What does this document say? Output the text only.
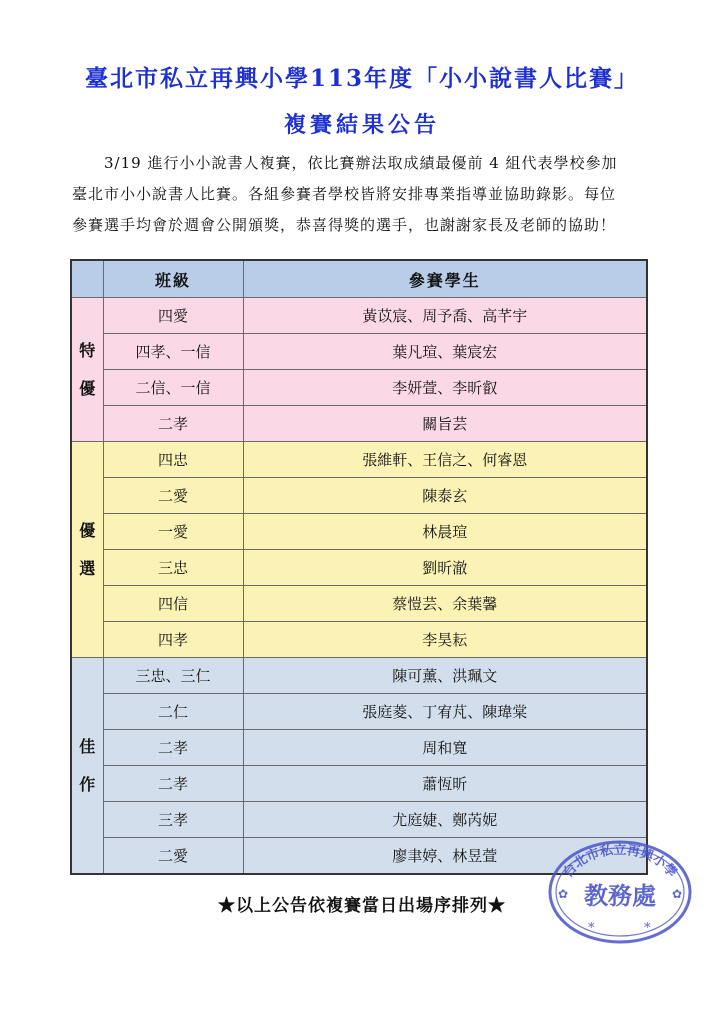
臺北市私立再興小學113年度「小小說書人比賽」
複賽結果公告

3/19 進行小小說書人複賽，依比賽辦法取成績最優前 4 組代表學校參加

臺北市小小說書人比賽。各組參賽者學校皆將安排專業指導並協助錄影。每位

參賽選手均會於週會公開頒獎，恭喜得獎的選手，也謝謝家長及老師的協助！

	班級	參賽學生

特
優	四愛	黃苡宸、周予喬、高芊宇
	四孝、一信	葉凡瑄、葉宸宏
	二信、一信	李妍萱、李昕叡
	二孝	關旨芸

優
選	四忠	張維軒、王信之、何睿恩
	二愛	陳泰玄
	一愛	林晨瑄
	三忠	劉昕澈
	四信	蔡愷芸、余葉馨
	四孝	李昊耘

佳
作	三忠、三仁	陳可薰、洪珮文
	二仁	張庭菱、丁宥芃、陳瑋棠
	二孝	周和寬
	二孝	蕭恆昕
	三孝	尤庭婕、鄭芮妮
	二愛	廖聿婷、林昱萱
★以上公告依複賽當日出場序排列★
台北市私立再興小學
教務處
✿	✿
*	*
